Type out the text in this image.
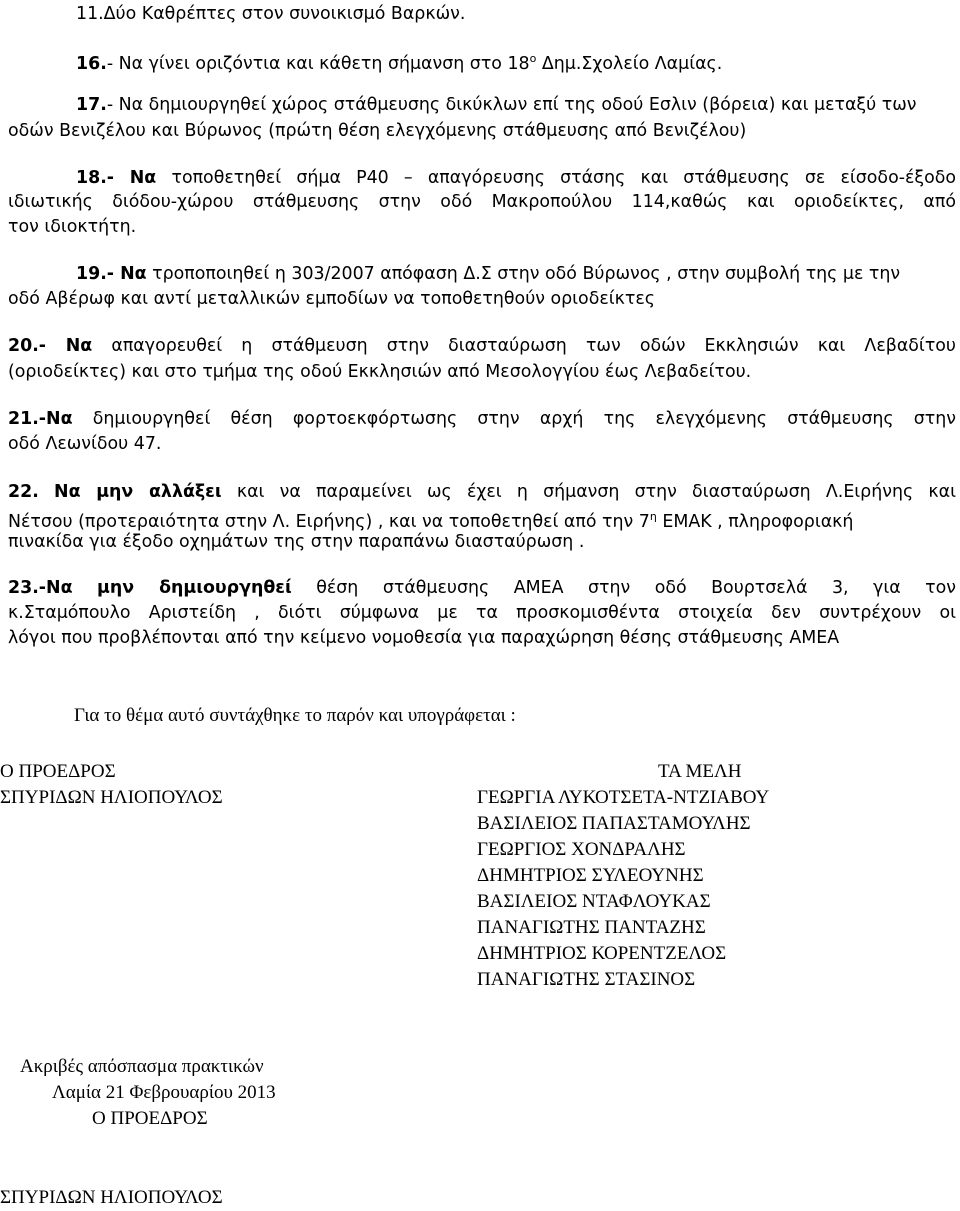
11.Δύο Καθρέπτες στον συνοικισμό Βαρκών.
16.- Να γίνει οριζόντια και κάθετη σήμανση στο $18^o$ Δημ.Σχολείο Λαμίας.
17.- Να δημιουργηθεί χώρος στάθμευσης δικύκλων επί της οδού Εσλιν (βόρεια) και μεταξύ των
οδών Βενιζέλου και Βύρωνος (πρώτη θέση ελεγχόμενης στάθμευσης από Βενιζέλου)
18.- Να τοποθετηθεί σήμα Ρ40 – απαγόρευσης στάσης και στάθμευσης σε είσοδο-έξοδο
ιδιωτικής διόδου-χώρου στάθμευσης στην οδό Μακροπούλου 114,καθώς και οριοδείκτες, από
τον ιδιοκτήτη.
19.- Να τροποποιηθεί η 303/2007 απόφαση Δ.Σ στην οδό Βύρωνος , στην συμβολή της με την
οδό Αβέρωφ και αντί μεταλλικών εμποδίων να τοποθετηθούν οριοδείκτες
20.- Να απαγορευθεί η στάθμευση στην διασταύρωση των οδών Εκκλησιών και Λεβαδίτου
(οριοδείκτες) και στο τμήμα της οδού Εκκλησιών από Μεσολογγίου έως Λεβαδείτου.
21.-Να δημιουργηθεί θέση φορτοεκφόρτωσης στην αρχή της ελεγχόμενης στάθμευσης στην
οδό Λεωνίδου 47.
22. Να μην αλλάξει και να παραμείνει ως έχει η σήμανση στην διασταύρωση Λ.Ειρήνης και
Νέτσου (προτεραιότητα στην Λ. Ειρήνης) , και να τοποθετηθεί από την $7^\eta$ ΕΜΑΚ , πληροφοριακή
πινακίδα για έξοδο οχημάτων της στην παραπάνω διασταύρωση .
23.-Να μην δημιουργηθεί θέση στάθμευσης ΑΜΕΑ στην οδό Βουρτσελά 3, για τον
κ.Σταμόπουλο Αριστείδη , διότι σύμφωνα με τα προσκομισθέντα στοιχεία δεν συντρέχουν οι
λόγοι που προβλέπονται από την κείμενο νομοθεσία για παραχώρηση θέσης στάθμευσης ΑΜΕΑ
Για το θέμα αυτό συντάχθηκε το παρόν και υπογράφεται :
Ο ΠΡΟΕΔΡΟΣ
ΣΠΥΡΙΔΩΝ ΗΛΙΟΠΟΥΛΟΣ
ΤΑ ΜΕΛΗ
ΓΕΩΡΓΙΑ ΛΥΚΟΤΣΕΤΑ-ΝΤΖΙΑΒΟΥ
ΒΑΣΙΛΕΙΟΣ ΠΑΠΑΣΤΑΜΟΥΛΗΣ
ΓΕΩΡΓΙΟΣ ΧΟΝΔΡΑΛΗΣ
ΔΗΜΗΤΡΙΟΣ ΣΥΛΕΟΥΝΗΣ
ΒΑΣΙΛΕΙΟΣ ΝΤΑΦΛΟΥΚΑΣ
ΠΑΝΑΓΙΩΤΗΣ ΠΑΝΤΑΖΗΣ
ΔΗΜΗΤΡΙΟΣ ΚΟΡΕΝΤΖΕΛΟΣ
ΠΑΝΑΓΙΩΤΗΣ ΣΤΑΣΙΝΟΣ
Ακριβές απόσπασμα πρακτικών
Λαμία 21 Φεβρουαρίου 2013
Ο ΠΡΟΕΔΡΟΣ
ΣΠΥΡΙΔΩΝ ΗΛΙΟΠΟΥΛΟΣ
